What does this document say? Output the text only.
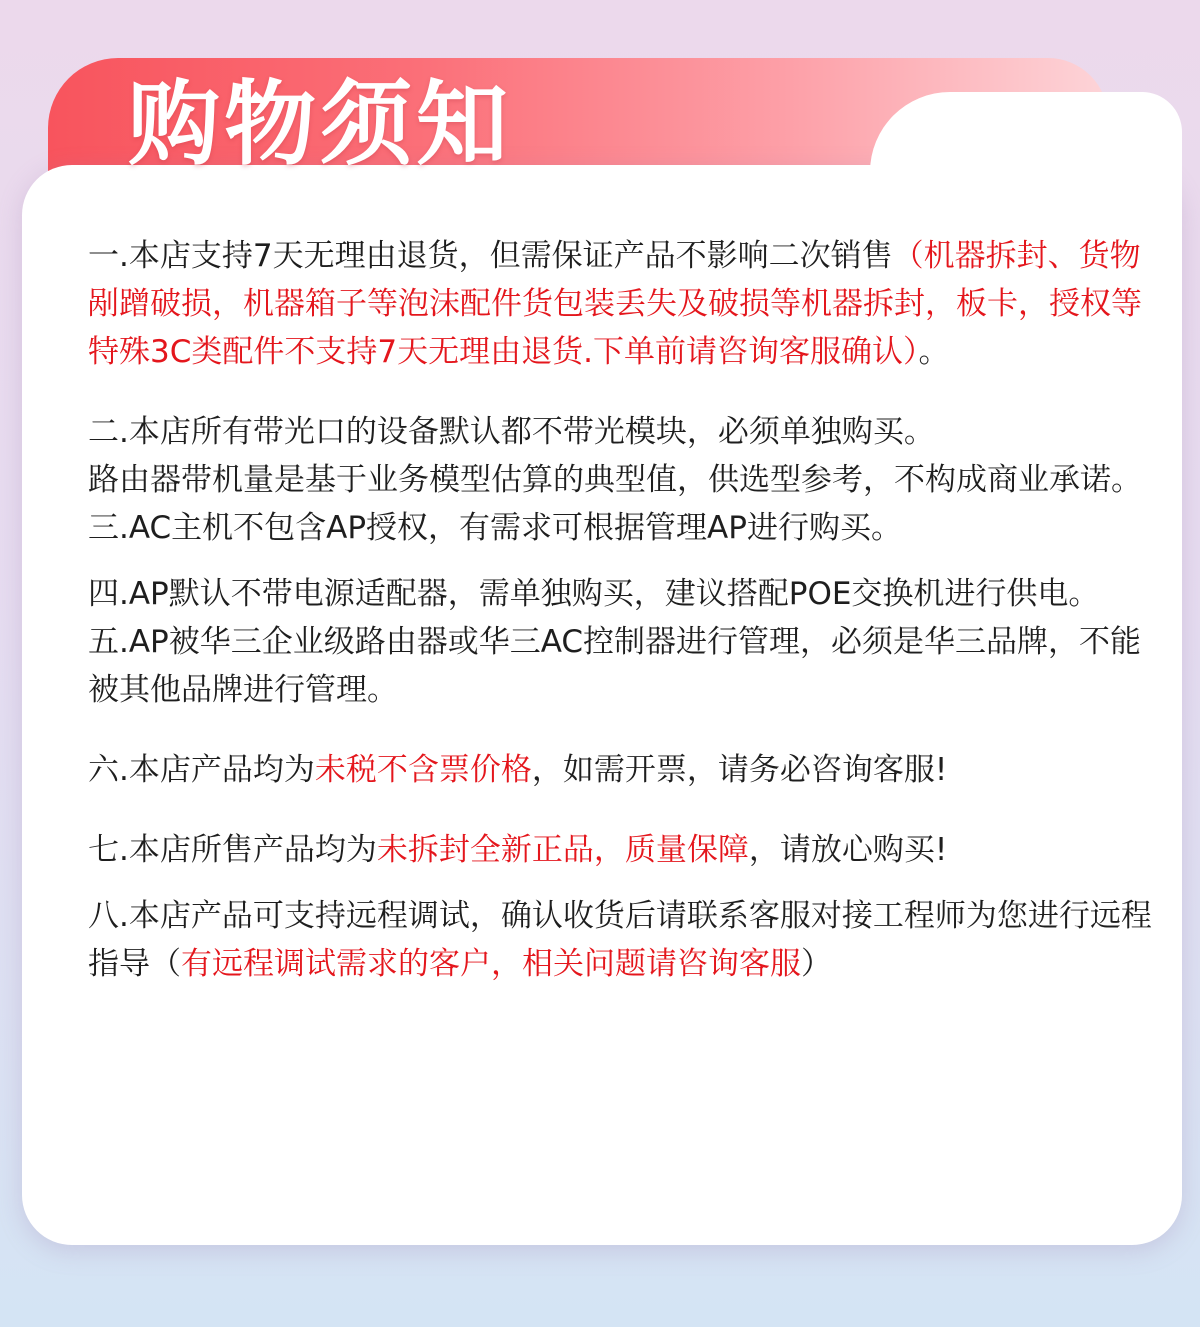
购物须知

一.本店支持7天无理由退货，但需保证产品不影响二次销售（机器拆封、货物剐蹭破损，机器箱子等泡沫配件货包装丢失及破损等机器拆封，板卡，授权等特殊3C类配件不支持7天无理由退货.下单前请咨询客服确认）。

二.本店所有带光口的设备默认都不带光模块，必须单独购买。

路由器带机量是基于业务模型估算的典型值，供选型参考，不构成商业承诺。

三.AC主机不包含AP授权，有需求可根据管理AP进行购买。

四.AP默认不带电源适配器，需单独购买，建议搭配POE交换机进行供电。

五.AP被华三企业级路由器或华三AC控制器进行管理，必须是华三品牌，不能被其他品牌进行管理。

六.本店产品均为未税不含票价格，如需开票，请务必咨询客服!

七.本店所售产品均为未拆封全新正品，质量保障，请放心购买!

八.本店产品可支持远程调试，确认收货后请联系客服对接工程师为您进行远程指导（有远程调试需求的客户，相关问题请咨询客服）
